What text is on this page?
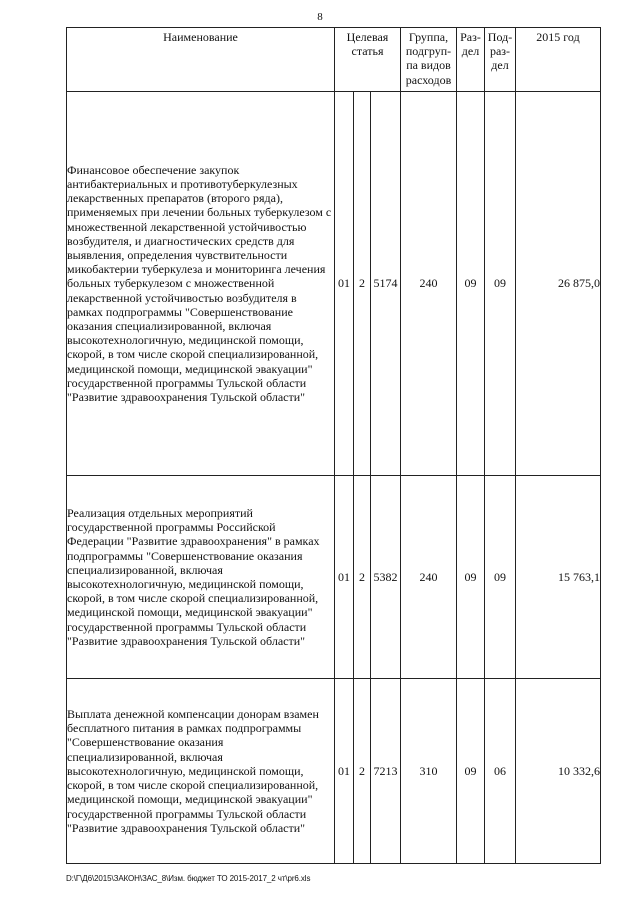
8
Наименование	Целевая статья			Группа, подгруп-па видов расходов	Раз-дел	Под-раз-дел	2015 год

Финансовое обеспечение закупок антибактериальных и противотуберкулезных лекарственных препаратов (второго ряда), применяемых при лечении больных туберкулезом с множественной лекарственной устойчивостью возбудителя, и диагностических средств для выявления, определения чувствительности микобактерии туберкулеза и мониторинга лечения больных туберкулезом с множественной лекарственной устойчивостью возбудителя в рамках подпрограммы "Совершенствование оказания специализированной, включая высокотехнологичную, медицинской помощи, скорой, в том числе скорой специализированной, медицинской помощи, медицинской эвакуации" государственной программы Тульской области "Развитие здравоохранения Тульской области"	01	2	5174	240	09	09	26 875,0
Реализация отдельных мероприятий государственной программы Российской Федерации "Развитие здравоохранения" в рамках подпрограммы "Совершенствование оказания специализированной, включая высокотехнологичную, медицинской помощи, скорой, в том числе скорой специализированной, медицинской помощи, медицинской эвакуации" государственной программы Тульской области "Развитие здравоохранения Тульской области"	01	2	5382	240	09	09	15 763,1
Выплата денежной компенсации донорам взамен бесплатного питания в рамках подпрограммы "Совершенствование оказания специализированной, включая высокотехнологичную, медицинской помощи, скорой, в том числе скорой специализированной, медицинской помощи, медицинской эвакуации" государственной программы Тульской области "Развитие здравоохранения Тульской области"	01	2	7213	310	09	06	10 332,6
D:\Г\Д6\2015\ЗАКОН\ЗАС_8\Изм. бюджет ТО 2015-2017_2 чт\pr6.xls
